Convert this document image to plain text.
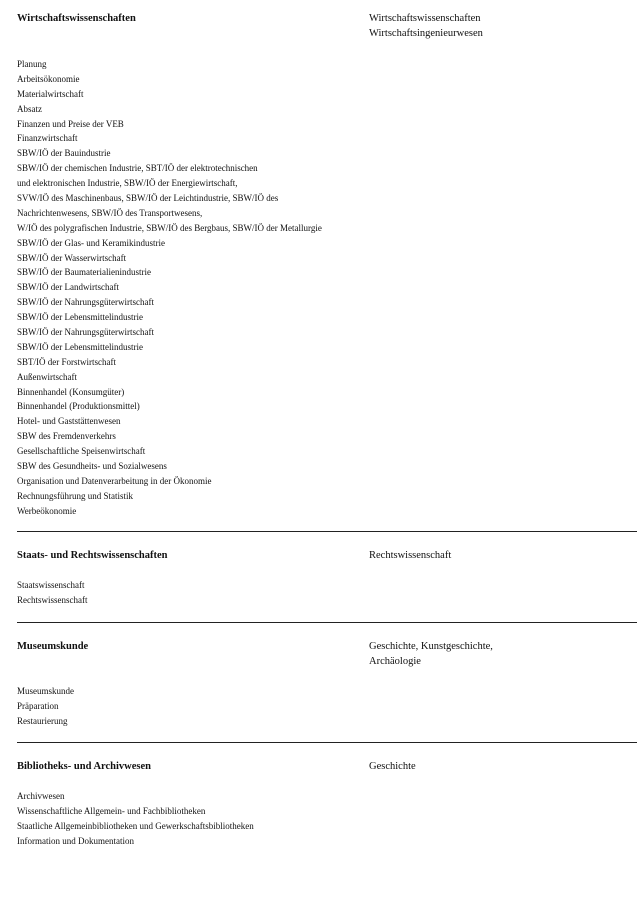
Wirtschaftswissenschaften	Wirtschaftswissenschaften
Wirtschaftsingenieurwesen
Planung
Arbeitsökonomie
Materialwirtschaft
Absatz
Finanzen und Preise der VEB
Finanzwirtschaft
SBW/IÖ der Bauindustrie
SBW/IÖ der chemischen Industrie, SBT/IÖ der elektrotechnischen
und elektronischen Industrie, SBW/IÖ der Energiewirtschaft,
SVW/IÖ des Maschinenbaus, SBW/IÖ der Leichtindustrie, SBW/IÖ des
Nachrichtenwesens, SBW/IÖ des Transportwesens,
W/IÖ des polygrafischen Industrie, SBW/IÖ des Bergbaus, SBW/IÖ der Metallurgie
SBW/IÖ der Glas- und Keramikindustrie
SBW/IÖ der Wasserwirtschaft
SBW/IÖ der Baumaterialienindustrie
SBW/IÖ der Landwirtschaft
SBW/IÖ der Nahrungsgüterwirtschaft
SBW/IÖ der Lebensmittelindustrie
SBW/IÖ der Nahrungsgüterwirtschaft
SBW/IÖ der Lebensmittelindustrie
SBT/IÖ der Forstwirtschaft
Außenwirtschaft
Binnenhandel (Konsumgüter)
Binnenhandel (Produktionsmittel)
Hotel- und Gaststättenwesen
SBW des Fremdenverkehrs
Gesellschaftliche Speisenwirtschaft
SBW des Gesundheits- und Sozialwesens
Organisation und Datenverarbeitung in der Ökonomie
Rechnungsführung und Statistik
Werbeökonomie
Staats- und Rechtswissenschaften	Rechtswissenschaft
Staatswissenschaft
Rechtswissenschaft
Museumskunde	Geschichte, Kunstgeschichte,
Archäologie
Museumskunde
Präparation
Restaurierung
Bibliotheks- und Archivwesen	Geschichte
Archivwesen
Wissenschaftliche Allgemein- und Fachbibliotheken
Staatliche Allgemeinbibliotheken und Gewerkschaftsbibliotheken
Information und Dokumentation
